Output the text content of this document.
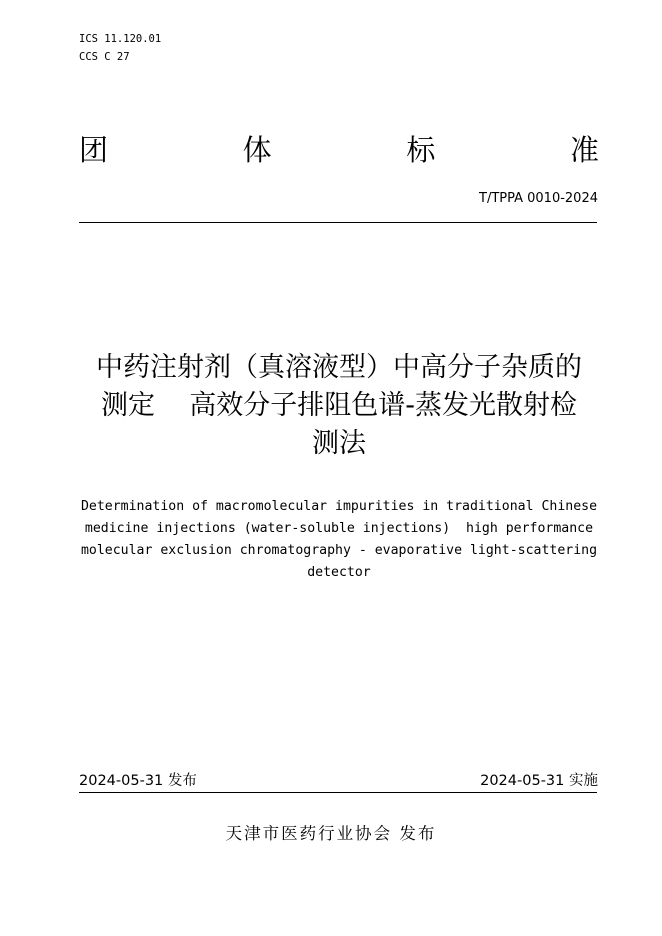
ICS 11.120.01
CCS C 27
团	体	标	准
T/TPPA 0010-2024
中药注射剂（真溶液型）中高分子杂质的
测定    高效分子排阻色谱-蒸发光散射检
测法
Determination of macromolecular impurities in traditional Chinese
medicine injections (water-soluble injections)  high performance
molecular exclusion chromatography - evaporative light-scattering
detector
2024-05-31 发布	2024-05-31 实施
天津市医药行业协会 发布
